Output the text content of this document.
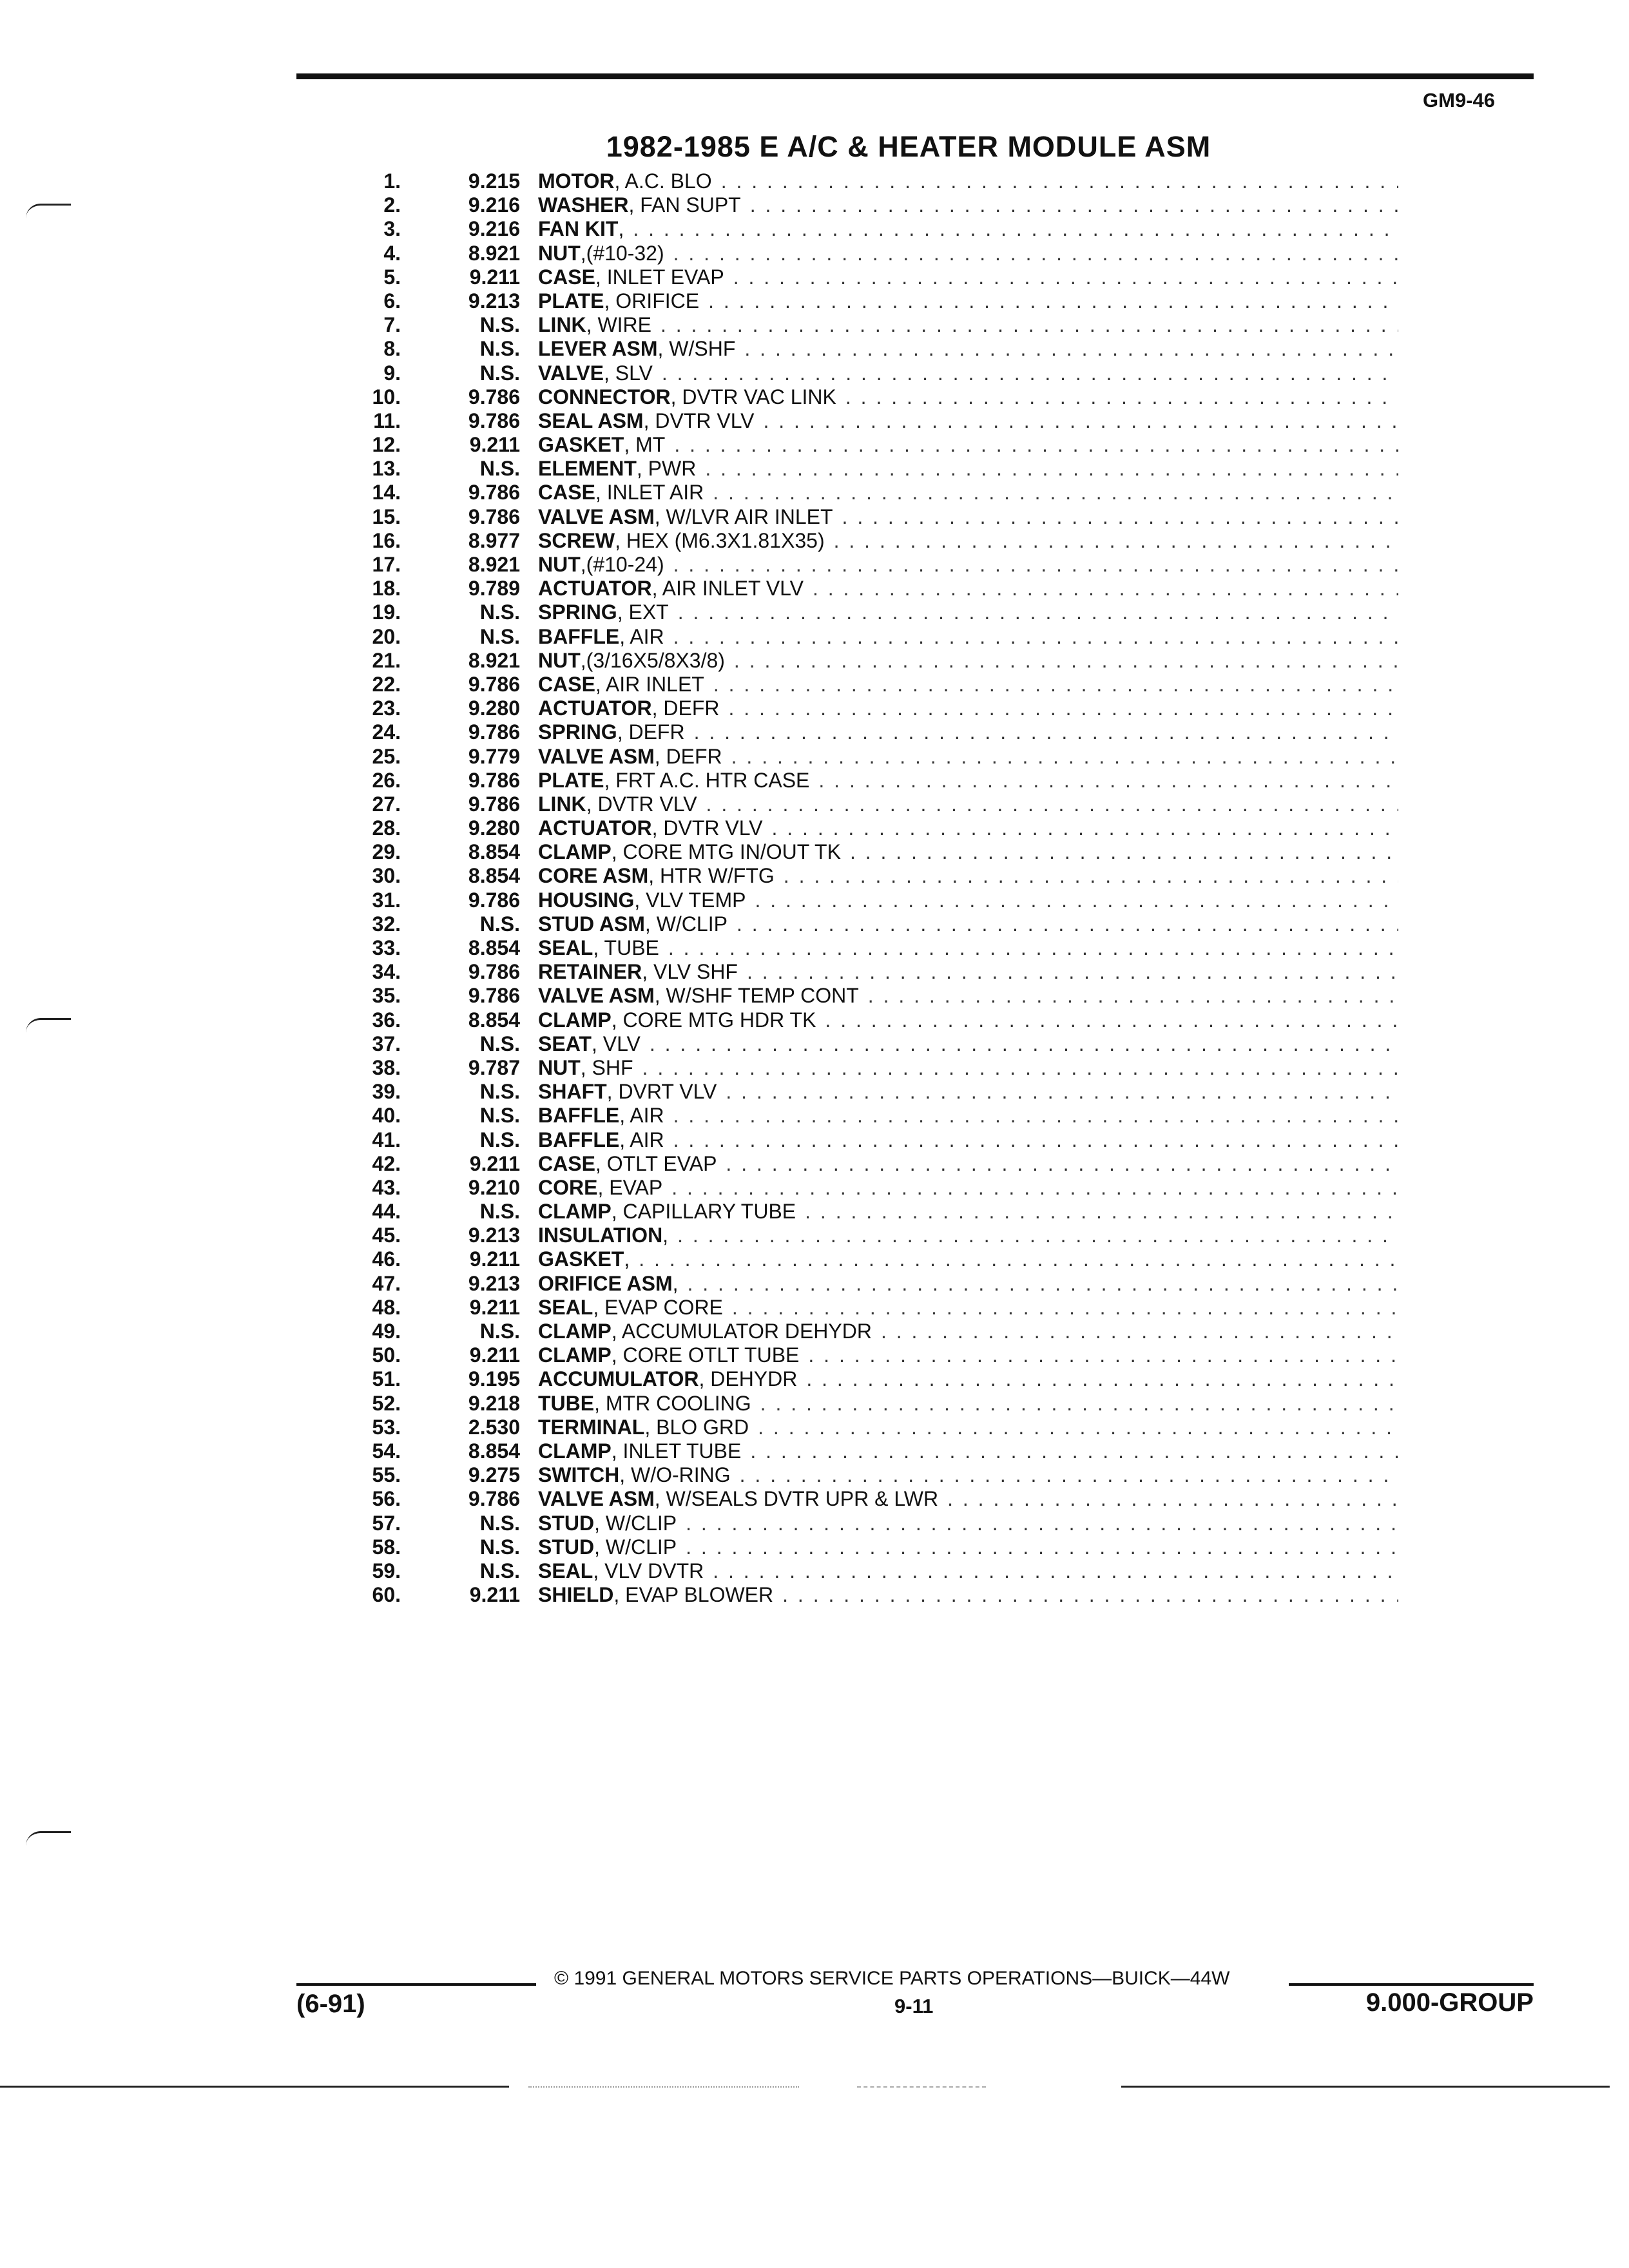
GM9-46
1982-1985 E A/C & HEATER MODULE ASM
1.	9.215 MOTOR , A.C. BLO
. . .
2.	9.216 WASHER , FAN SUPT
. . .
3.	9.216 FAN KIT ,
. . .
4.	8.921 NUT ,(#10-32)
. . .
5.	9.211 CASE , INLET EVAP
. . .
6.	9.213 PLATE , ORIFICE
. . .
7.	N.S. LINK , WIRE
. . .
8.	N.S. LEVER ASM , W/SHF
. . .
9.	N.S. VALVE , SLV
. . .
10.	9.786 CONNECTOR , DVTR VAC LINK
. . .
11.	9.786 SEAL ASM , DVTR VLV
. . .
12.	9.211 GASKET , MT
. . .
13.	N.S. ELEMENT , PWR
. . .
14.	9.786 CASE , INLET AIR
. . .
15.	9.786 VALVE ASM , W/LVR AIR INLET
. . .
16.	8.977 SCREW , HEX (M6.3X1.81X35)
. . .
17.	8.921 NUT ,(#10-24)
. . .
18.	9.789 ACTUATOR , AIR INLET VLV
. . .
19.	N.S. SPRING , EXT
. . .
20.	N.S. BAFFLE , AIR
. . .
21.	8.921 NUT ,(3/16X5/8X3/8)
. . .
22.	9.786 CASE , AIR INLET
. . .
23.	9.280 ACTUATOR , DEFR
. . .
24.	9.786 SPRING , DEFR
. . .
25.	9.779 VALVE ASM , DEFR
. . .
26.	9.786 PLATE , FRT A.C. HTR CASE
. . .
27.	9.786 LINK , DVTR VLV
. . .
28.	9.280 ACTUATOR , DVTR VLV
. . .
29.	8.854 CLAMP , CORE MTG IN/OUT TK
. . .
30.	8.854 CORE ASM , HTR W/FTG
. . .
31.	9.786 HOUSING , VLV TEMP
. . .
32.	N.S. STUD ASM , W/CLIP
. . .
33.	8.854 SEAL , TUBE
. . .
34.	9.786 RETAINER , VLV SHF
. . .
35.	9.786 VALVE ASM , W/SHF TEMP CONT
. . .
36.	8.854 CLAMP , CORE MTG HDR TK
. . .
37.	N.S. SEAT , VLV
. . .
38.	9.787 NUT , SHF
. . .
39.	N.S. SHAFT , DVRT VLV
. . .
40.	N.S. BAFFLE , AIR
. . .
41.	N.S. BAFFLE , AIR
. . .
42.	9.211 CASE , OTLT EVAP
. . .
43.	9.210 CORE , EVAP
. . .
44.	N.S. CLAMP , CAPILLARY TUBE
. . .
45.	9.213 INSULATION ,
. . .
46.	9.211 GASKET ,
. . .
47.	9.213 ORIFICE ASM ,
. . .
48.	9.211 SEAL , EVAP CORE
. . .
49.	N.S. CLAMP , ACCUMULATOR DEHYDR
. . .
50.	9.211 CLAMP , CORE OTLT TUBE
. . .
51.	9.195 ACCUMULATOR , DEHYDR
. . .
52.	9.218 TUBE , MTR COOLING
. . .
53.	2.530 TERMINAL , BLO GRD
. . .
54.	8.854 CLAMP , INLET TUBE
. . .
55.	9.275 SWITCH , W/O-RING
. . .
56.	9.786 VALVE ASM , W/SEALS DVTR UPR & LWR
. . .
57.	N.S. STUD , W/CLIP
. . .
58.	N.S. STUD , W/CLIP
. . .
59.	N.S. SEAL , VLV DVTR
. . .
60.	9.211 SHIELD , EVAP BLOWER
. . .
© 1991 GENERAL MOTORS SERVICE PARTS OPERATIONS—BUICK—44W
(6-91)	9-11	9.000-GROUP
